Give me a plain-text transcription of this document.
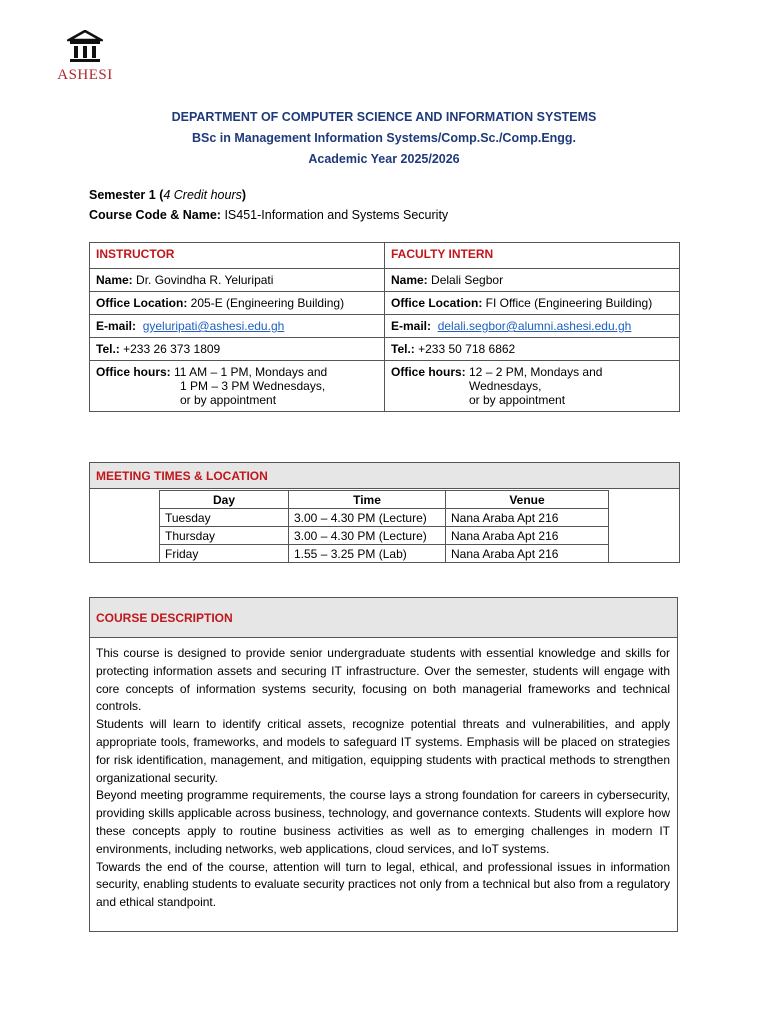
ASHESI
DEPARTMENT OF COMPUTER SCIENCE AND INFORMATION SYSTEMS
BSc in Management Information Systems/Comp.Sc./Comp.Engg.
Academic Year 2025/2026
Semester 1 (4 Credit hours)
Course Code & Name: IS451-Information and Systems Security
INSTRUCTOR	FACULTY INTERN
Name: Dr. Govindha R. Yeluripati	Name: Delali Segbor
Office Location: 205-E (Engineering Building)	Office Location: FI Office (Engineering Building)
E-mail: gyeluripati@ashesi.edu.gh	E-mail: delali.segbor@alumni.ashesi.edu.gh
Tel.: +233 26 373 1809	Tel.: +233 50 718 6862

Office hours: 11 AM – 1 PM, Mondays and
1 PM – 3 PM Wednesdays,
or by appointment	Office hours: 12 – 2 PM, Mondays and
Wednesdays,
or by appointment
MEETING TIMES & LOCATION
Day	Time	Venue
Tuesday	3.00 – 4.30 PM (Lecture)	Nana Araba Apt 216
Thursday	3.00 – 4.30 PM (Lecture)	Nana Araba Apt 216
Friday	1.55 – 3.25 PM (Lab)	Nana Araba Apt 216
COURSE DESCRIPTION

This course is designed to provide senior undergraduate students with essential knowledge and skills for protecting information assets and securing IT infrastructure. Over the semester, students will engage with core concepts of information systems security, focusing on both managerial frameworks and technical controls.

Students will learn to identify critical assets, recognize potential threats and vulnerabilities, and apply appropriate tools, frameworks, and models to safeguard IT systems. Emphasis will be placed on strategies for risk identification, management, and mitigation, equipping students with practical methods to strengthen organizational security.

Beyond meeting programme requirements, the course lays a strong foundation for careers in cybersecurity, providing skills applicable across business, technology, and governance contexts. Students will explore how these concepts apply to routine business activities as well as to emerging challenges in modern IT environments, including networks, web applications, cloud services, and IoT systems.

Towards the end of the course, attention will turn to legal, ethical, and professional issues in information security, enabling students to evaluate security practices not only from a technical but also from a regulatory and ethical standpoint.
